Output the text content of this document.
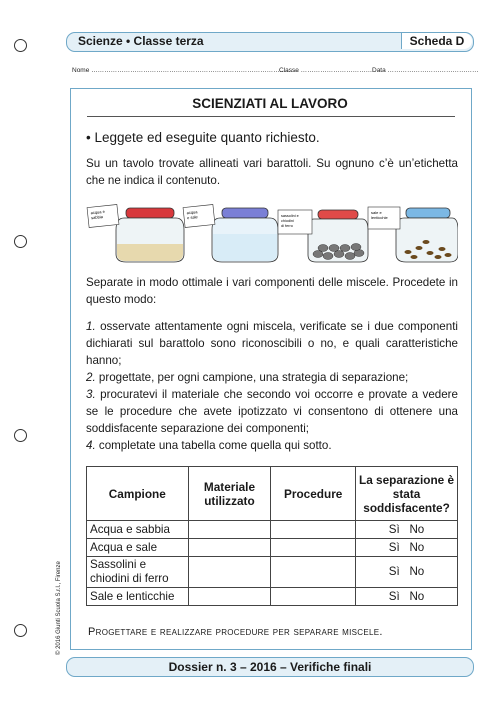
Scienze • Classe terza	Scheda D
Nome ……………………………………………………………………………………
Classe …………………………… Data ……………………………………
SCIENZIATI AL LAVORO
• Leggete ed eseguite quanto richiesto.
Su un tavolo trovate allineati vari barattoli. Su ognuno c’è un’etichetta che ne indica il contenuto.
acqua esabbia
acquae sale	sassolini e chiodini di ferro
sale e lenticchie
Separate in modo ottimale i vari componenti delle miscele. Procedete in questo modo:
1. osservate attentamente ogni miscela, verificate se i due componenti dichiarati sul barattolo sono riconoscibili o no, e quali caratteristiche hanno;
2. progettate, per ogni campione, una strategia di separazione;
3. procuratevi il materiale che secondo voi occorre e provate a vedere se le procedure che avete ipotizzato vi consentono di ottenere una soddisfacente separazione dei componenti;
4. completate una tabella come quella qui sotto.
Campione	Materiale utilizzato	Procedure	La separazione è stata soddisfacente?
Acqua e sabbia			Sì No
Acqua e sale			Sì No
Sassolini e chiodini di ferro			Sì No
Sale e lenticchie			Sì No
Progettare e realizzare procedure per separare miscele.
© 2016 Giunti Scuola S.r.l., Firenze
Dossier n. 3 – 2016 – Verifiche finali
